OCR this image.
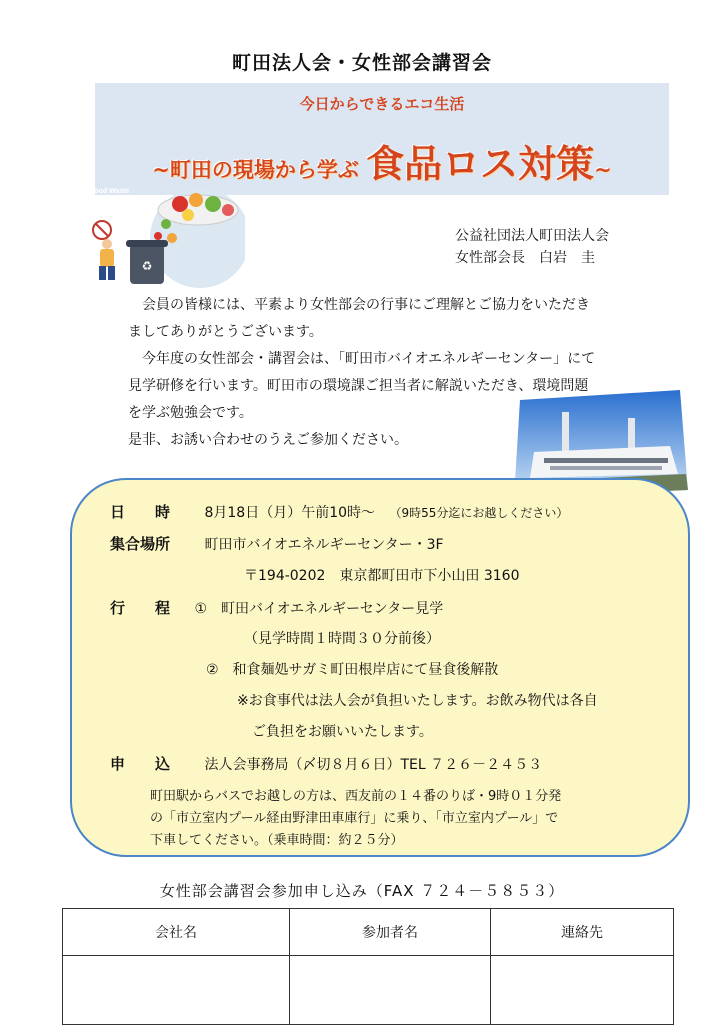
町田法人会・女性部会講習会
今日からできるエコ生活
~町田の現場から学ぶ 食品ロス対策~
Food Waste
♻
公益社団法人町田法人会
女性部会長　白岩　圭

会員の皆様には、平素より女性部会の行事にご理解とご協力をいただき

ましてありがとうございます。

今年度の女性部会・講習会は、「町田市バイオエネルギーセンター」にて

見学研修を行います。町田市の環境課ご担当者に解説いただき、環境問題

を学ぶ勉強会です。

是非、お誘い合わせのうえご参加ください。

日　　時 8月18日（月）午前10時～ （9時55分迄にお越しください）
集合場所 町田市バイオエネルギーセンター・3F
〒194-0202　東京都町田市下小山田 3160
行　　程 ①　町田バイオエネルギーセンター見学
（見学時間１時間３０分前後）
②　和食麺処サガミ町田根岸店にて昼食後解散
※お食事代は法人会が負担いたします。お飲み物代は各自
ご負担をお願いいたします。
申　　込 法人会事務局（〆切８月６日）TEL ７２６－２４５３
町田駅からバスでお越しの方は、西友前の１４番のりば・9時０１分発
の「市立室内プール経由野津田車庫行」に乗り、「市立室内プール」で
下車してください。（乗車時間：約２５分）
女性部会講習会参加申し込み（FAX ７２４－５８５３）
会社名	参加者名	連絡先
